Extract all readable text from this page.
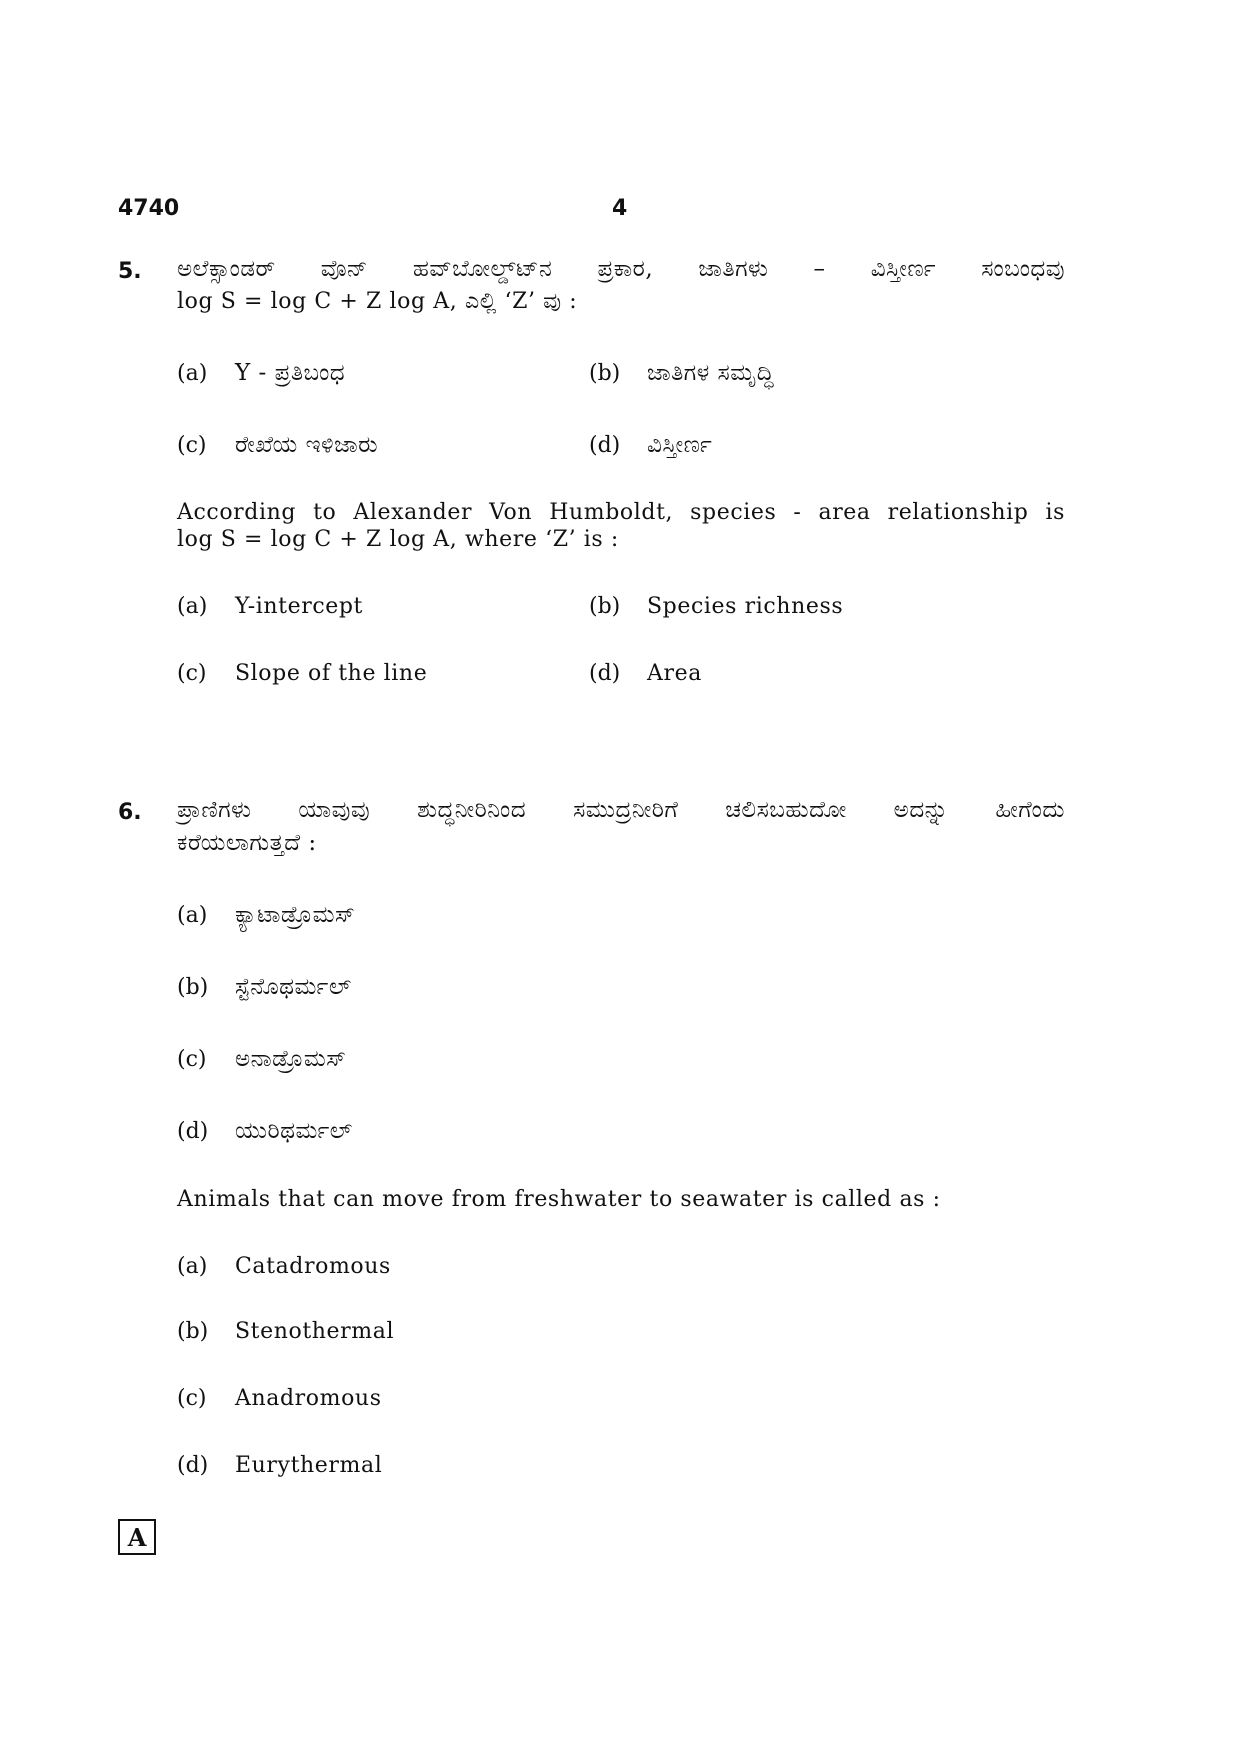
4740	4
5. ಅಲೆಕ್ಸಾಂಡರ್ ವೊನ್ ಹವ್‌ಬೋಲ್ಡ್‌ಟ್‌ನ ಪ್ರಕಾರ, ಜಾತಿಗಳು – ವಿಸ್ತೀರ್ಣ ಸಂಬಂಧವು
log S = log C + Z log A, ಎಲ್ಲಿ ‘Z’ ವು :
(a) Y - ಪ್ರತಿಬಂಧ	(b) ಜಾತಿಗಳ ಸಮೃದ್ಧಿ
(c) ರೇಖೆಯ ಇಳಿಜಾರು	(d) ವಿಸ್ತೀರ್ಣ
According to Alexander Von Humboldt, species - area relationship is
log S = log C + Z log A, where ‘Z’ is :
(a) Y-intercept	(b) Species richness
(c) Slope of the line	(d) Area
6. ಪ್ರಾಣಿಗಳು ಯಾವುವು ಶುದ್ಧನೀರಿನಿಂದ ಸಮುದ್ರನೀರಿಗೆ ಚಲಿಸಬಹುದೋ ಅದನ್ನು ಹೀಗೆಂದು
ಕರೆಯಲಾಗುತ್ತದೆ :
(a) ಕ್ಯಾಟಾಡ್ರೊಮಸ್
(b) ಸ್ಟೆನೊಥರ್ಮಲ್
(c) ಅನಾಡ್ರೊಮಸ್
(d) ಯುರಿಥರ್ಮಲ್
Animals that can move from freshwater to seawater is called as :
(a) Catadromous
(b) Stenothermal
(c) Anadromous
(d) Eurythermal
A
